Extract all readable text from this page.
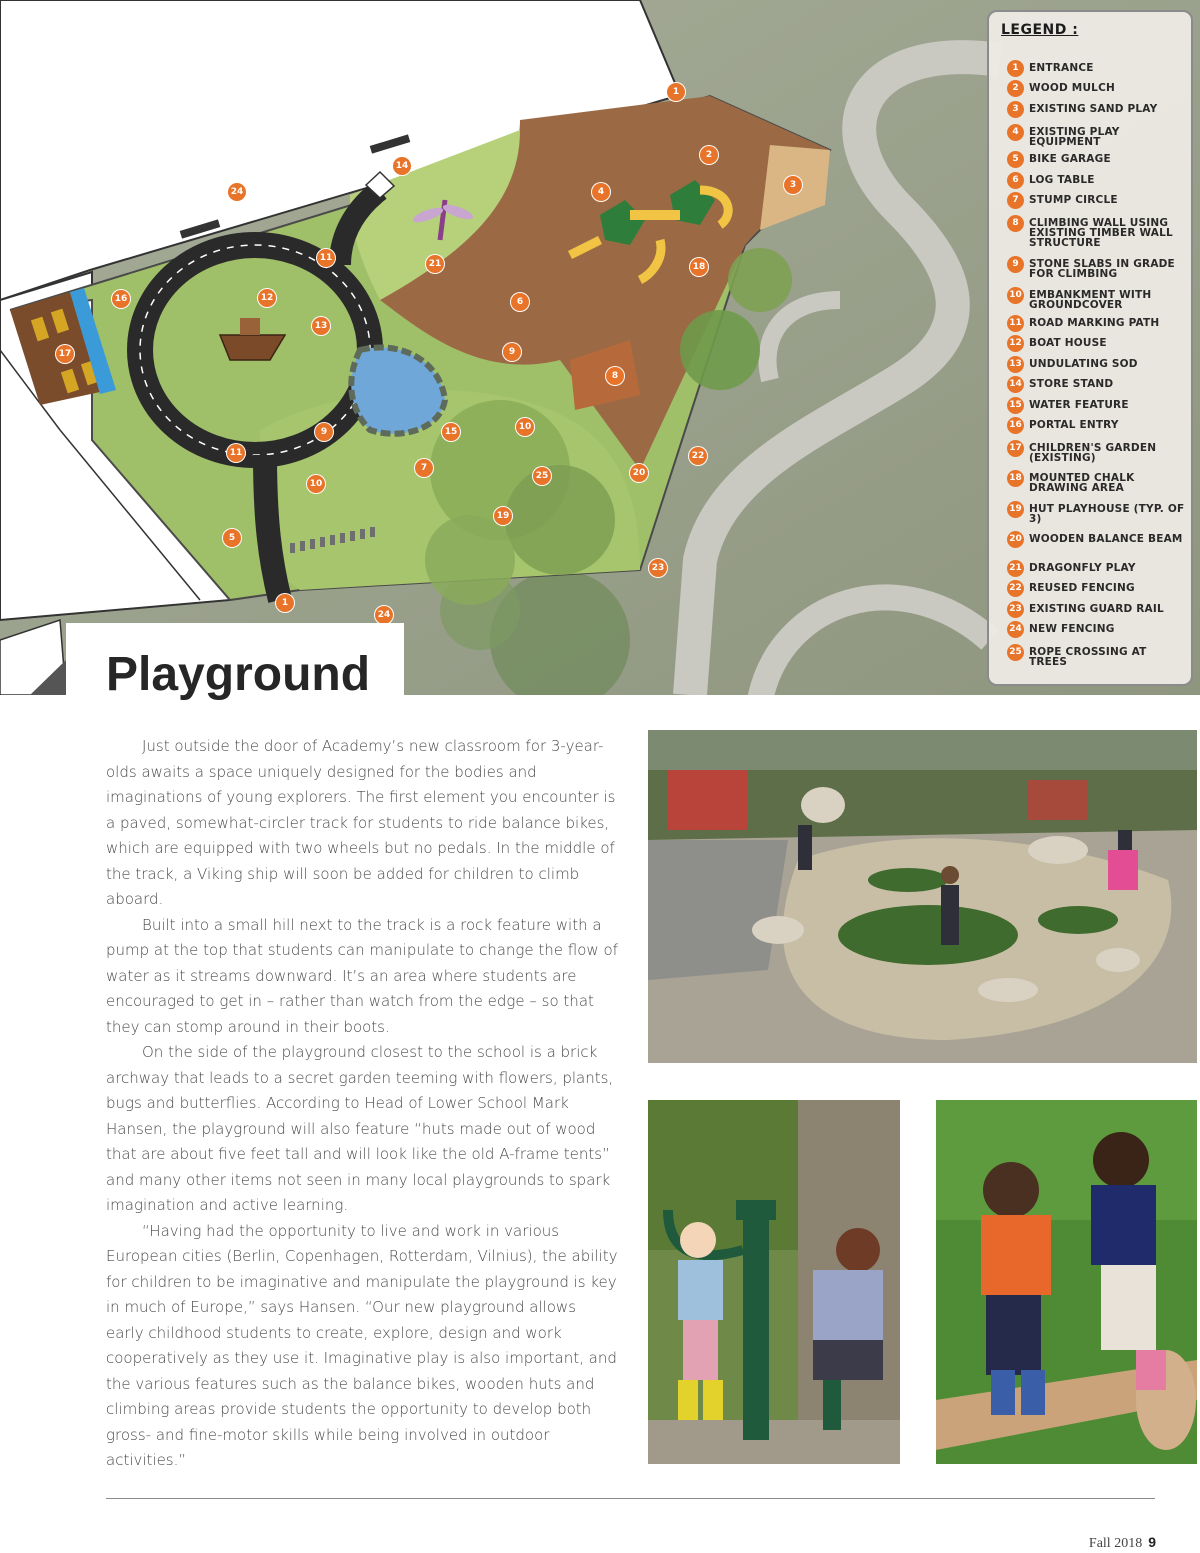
1
1
2
3
4
5
6
7
8
9
9	10
10
11
11
12
13
14
15
16
17
18
19
20
21
22
23
24
24
25
LEGEND :
1 ENTRANCE
2 WOOD MULCH
3 EXISTING SAND PLAY
4 EXISTING PLAY EQUIPMENT
5 BIKE GARAGE
6 LOG TABLE
7 STUMP CIRCLE
8 CLIMBING WALL USING EXISTING TIMBER WALL STRUCTURE
9 STONE SLABS IN GRADE FOR CLIMBING
10 EMBANKMENT WITH GROUNDCOVER
11 ROAD MARKING PATH
12 BOAT HOUSE
13 UNDULATING SOD
14 STORE STAND
15 WATER FEATURE
16 PORTAL ENTRY
17 CHILDREN'S GARDEN (EXISTING)
18 MOUNTED CHALK DRAWING AREA
19 HUT PLAYHOUSE (TYP. OF 3)
20 WOODEN BALANCE BEAM
21 DRAGONFLY PLAY
22 REUSED FENCING
23 EXISTING GUARD RAIL
24 NEW FENCING
25 ROPE CROSSING AT TREES
Playground

Just outside the door of Academy’s new classroom for 3-year-olds awaits a space uniquely designed for the bodies and imaginations of young explorers. The first element you encounter is a paved, somewhat-circler track for students to ride balance bikes, which are equipped with two wheels but no pedals. In the middle of the track, a Viking ship will soon be added for children to climb aboard.

Built into a small hill next to the track is a rock feature with a pump at the top that students can manipulate to change the flow of water as it streams downward. It’s an area where students are encouraged to get in – rather than watch from the edge – so that they can stomp around in their boots.

On the side of the playground closest to the school is a brick archway that leads to a secret garden teeming with flowers, plants, bugs and butterflies. According to Head of Lower School Mark Hansen, the playground will also feature “huts made out of wood that are about five feet tall and will look like the old A-frame tents” and many other items not seen in many local playgrounds to spark imagination and active learning.

“Having had the opportunity to live and work in various European cities (Berlin, Copenhagen, Rotterdam, Vilnius), the ability for children to be imaginative and manipulate the playground is key in much of Europe,” says Hansen. “Our new playground allows early childhood students to create, explore, design and work cooperatively as they use it. Imaginative play is also important, and the various features such as the balance bikes, wooden huts and climbing areas provide students the opportunity to develop both gross- and fine-motor skills while being involved in outdoor activities.”

Fall 2018 9
